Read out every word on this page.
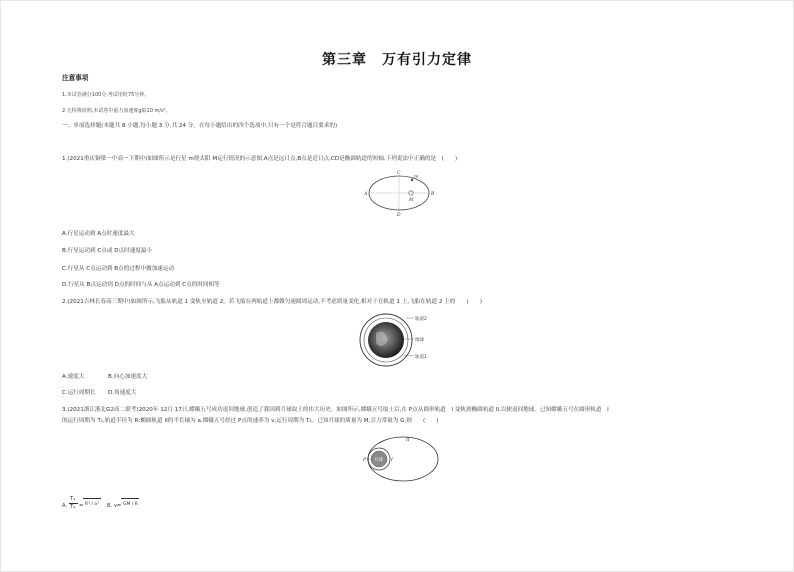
第三章　万有引力定律
注意事项
1.本试卷满分100分,考试用时75分钟。
2.无特殊说明,本试卷中重力加速度g取10 m/s²。
一、单项选择题(本题共 8 小题,每小题 3 分,共 24 分。在每小题给出的四个选项中,只有一个是符合题目要求的)
1.(2021重庆铜梁一中高一下期中)如图所示是行星 m绕太阳 M运行情况的示意图,A点是远日点,B点是近日点,CD是椭圆轨道的短轴,下列说法中正确的是　(　　)
A	B
C
D
M
m
A.行星运动到 A点时速度最大
B.行星运动到 C点或 D点时速度最小
C.行星从 C点运动到 B点的过程中做加速运动
D.行星从 B点运动到 D点的时间与从 A点运动到 C点的时间相等
2.(2021吉林长春高三期中)如图所示,飞船从轨道 1 变轨至轨道 2。若飞船在两轨道上都做匀速圆周运动,不考虑质量变化,相对于在轨道 1 上,飞船在轨道 2 上的　　(　　)
轨道2
地球
轨道1
A.速度大	B.向心加速度大
C.运行周期长 D.角速度大
3.(2021浙江浙北G2高二联考)2020年 12月 17日,嫦娥五号成功返回地球,创造了我国到月球取土的伟大历史。如图所示,嫦娥五号取土后,在 P点从圆形轨道　I 变轨到椭圆轨道 II,以便返回地球。已知嫦娥五号在圆形轨道　I
的运行周期为 T₁,轨道半径为 R;椭圆轨道 II的半长轴为 a,嫦娥五号经过 P点的速率为 v,运行周期为 T₂。已知月球的质量为 M,引力常量为 G,则　　(　　)
月球
P	I
II
A.
T₁
T₂ = R³ / a³ B. v= GM / R
